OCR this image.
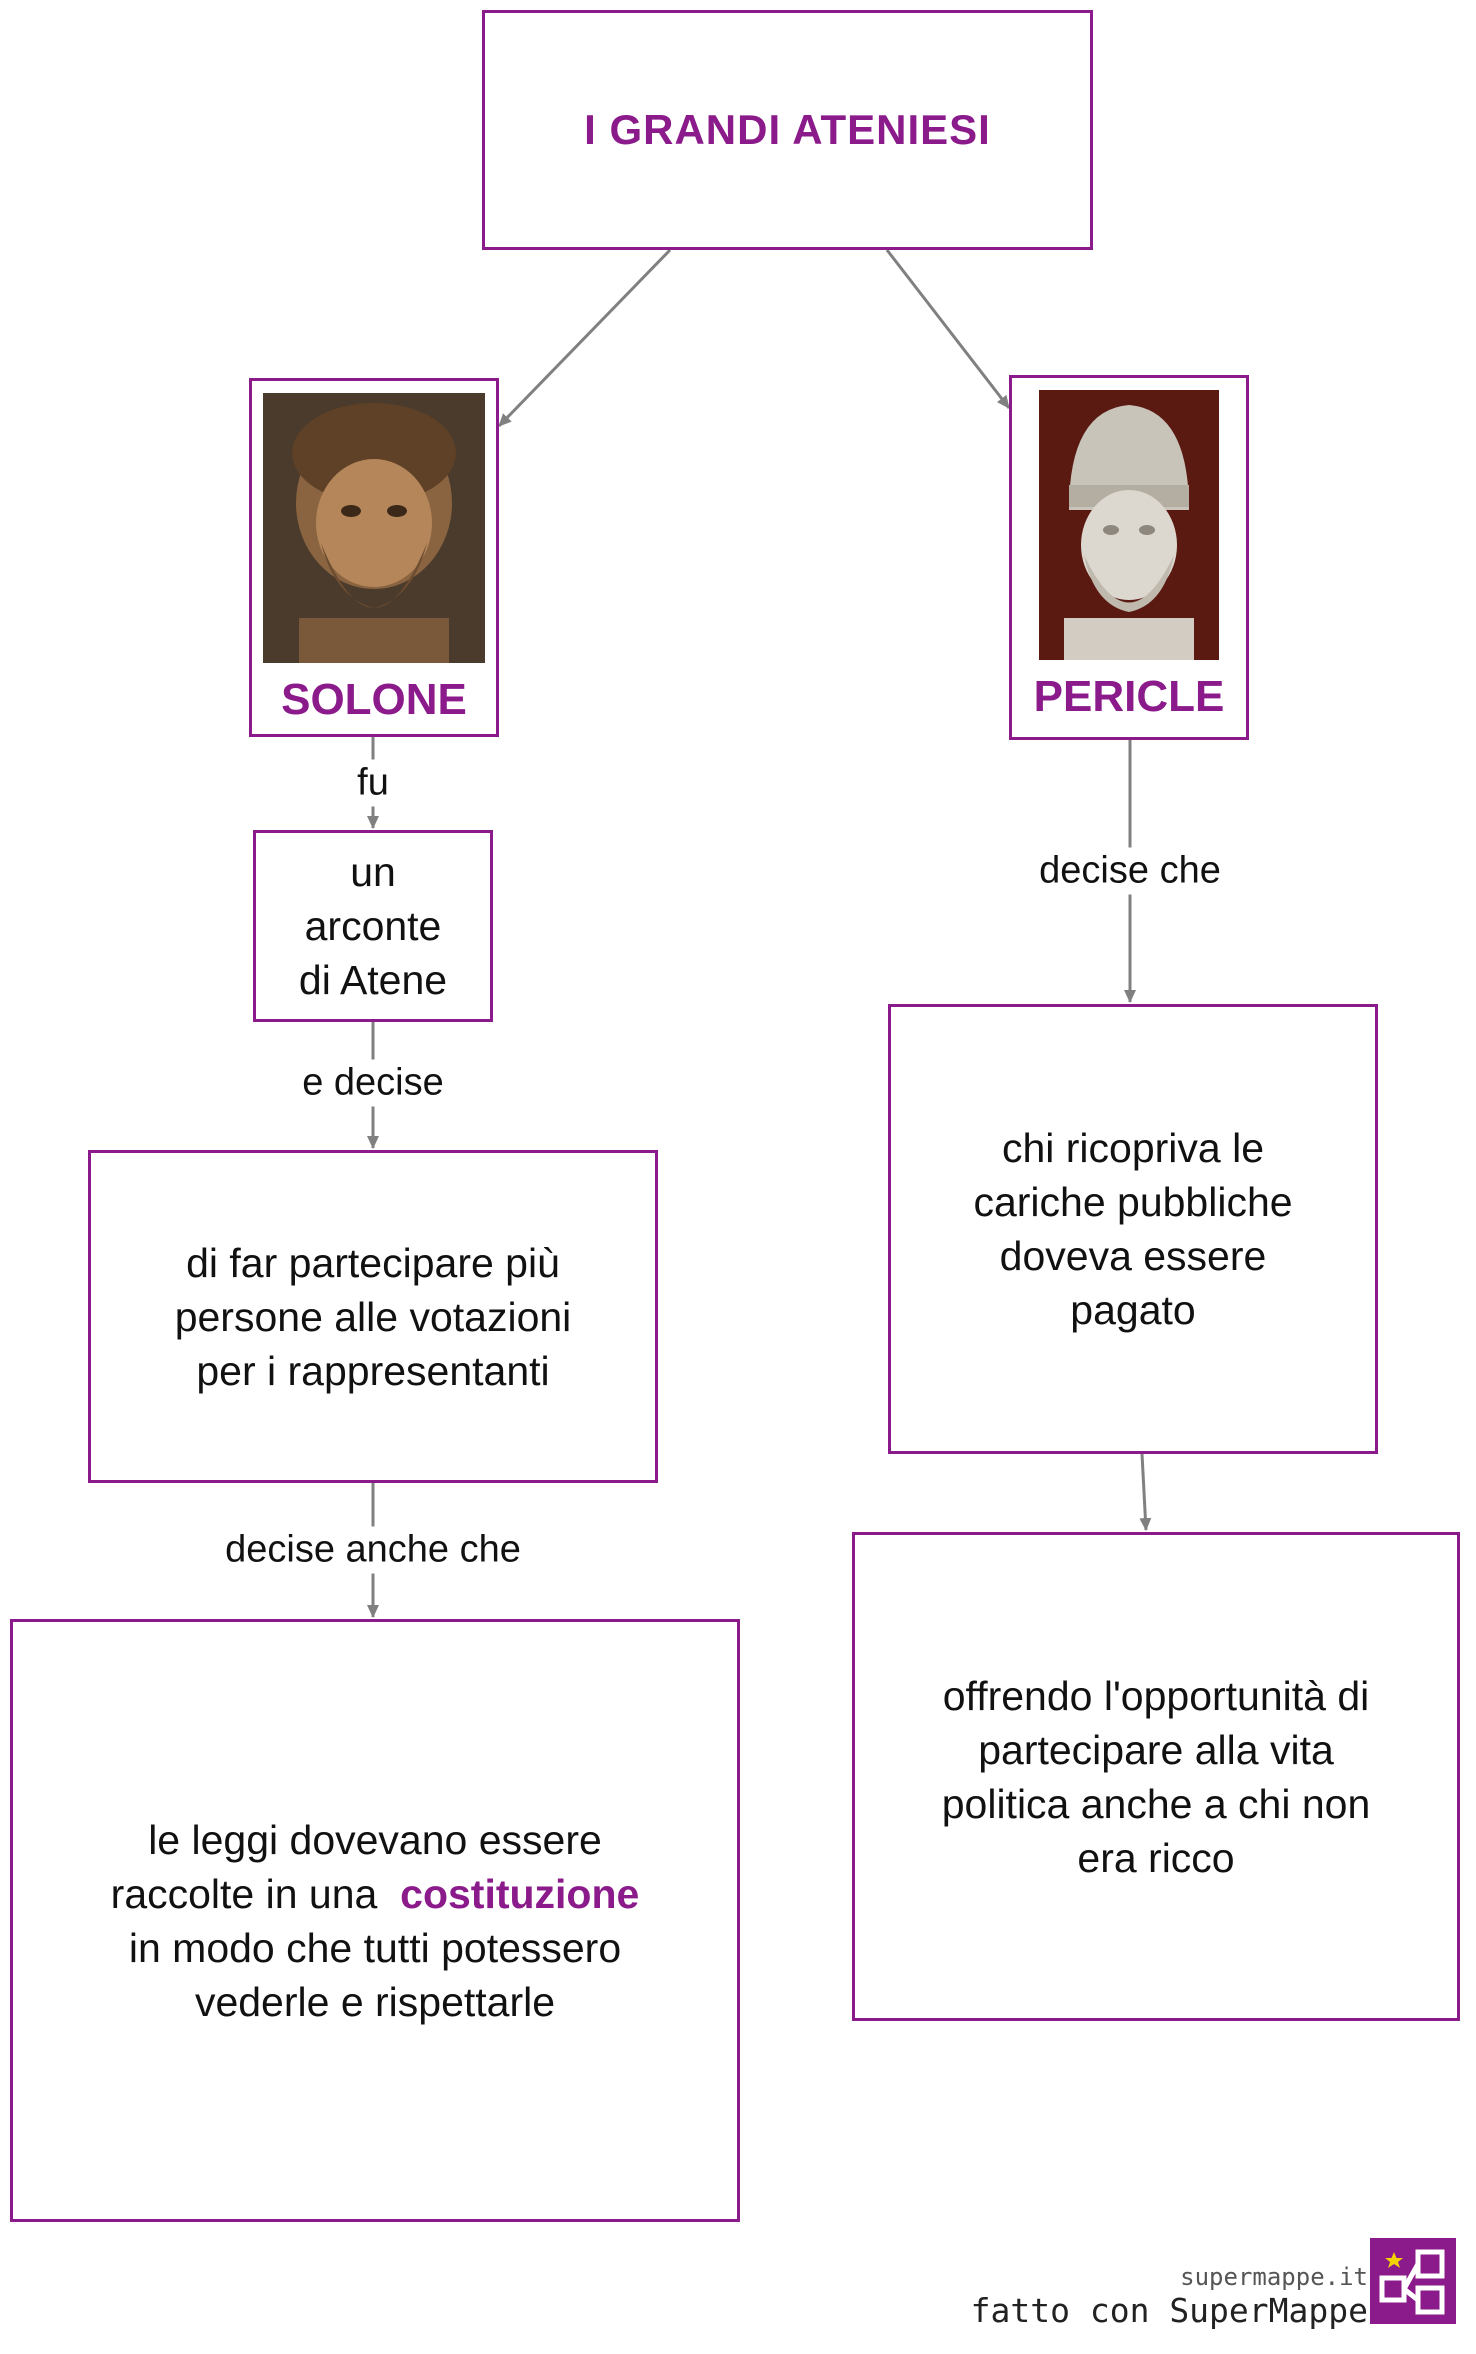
fu
e decise
decise anche che
decise che
I GRANDI ATENIESI
SOLONE	PERICLE
un
arconte
di Atene
di far partecipare più
persone alle votazioni
per i rappresentanti
le leggi dovevano essere
raccolte in una costituzione
in modo che tutti potessero
vederle e rispettarle
chi ricopriva le
cariche pubbliche
doveva essere
pagato
offrendo l'opportunità di
partecipare alla vita
politica anche a chi non
era ricco
supermappe.it
fatto con SuperMappe
